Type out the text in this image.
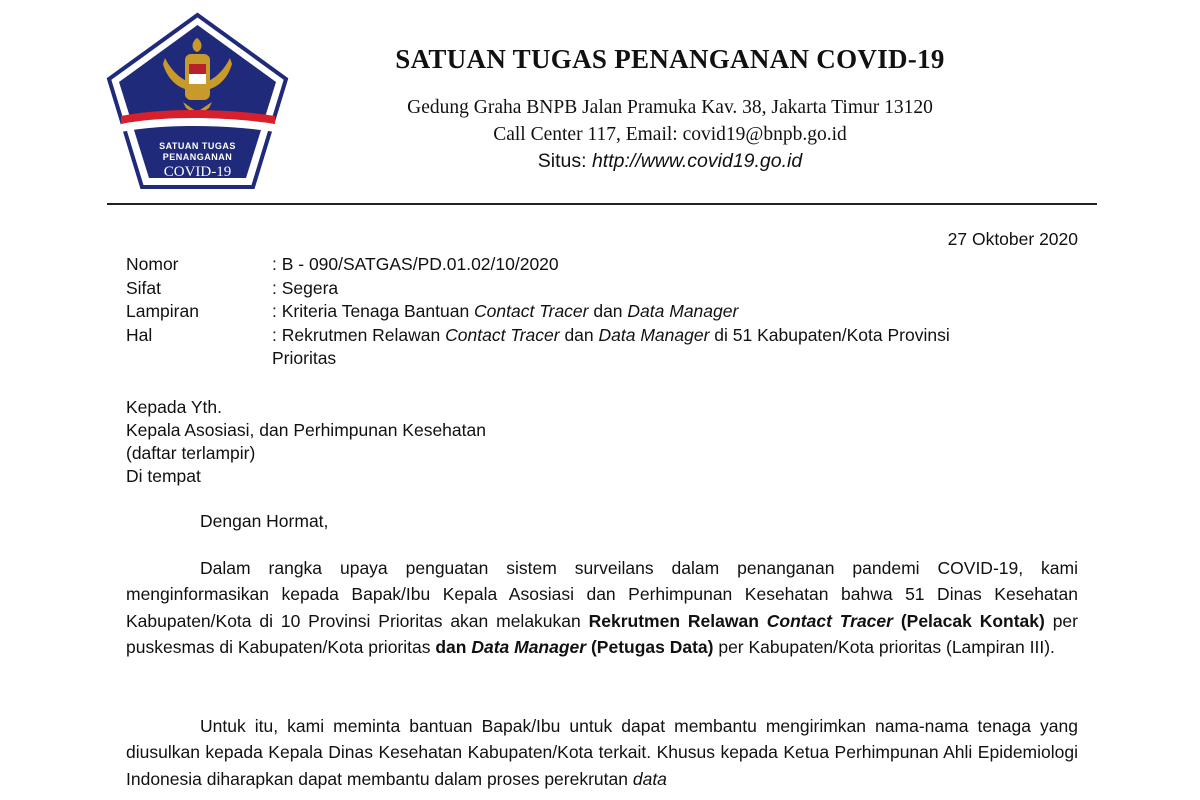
SATUAN TUGAS
PENANGANAN
COVID-19
SATUAN TUGAS PENANGANAN COVID-19
Gedung Graha BNPB Jalan Pramuka Kav. 38, Jakarta Timur 13120
Call Center 117, Email: covid19@bnpb.go.id
Situs: http://www.covid19.go.id
27 Oktober 2020
Nomor	: B - 090/SATGAS/PD.01.02/10/2020
Sifat	: Segera
Lampiran	: Kriteria Tenaga Bantuan Contact Tracer dan Data Manager
Hal	: Rekrutmen Relawan Contact Tracer dan Data Manager di 51 Kabupaten/Kota Provinsi
Prioritas
Kepada Yth.
Kepala Asosiasi, dan Perhimpunan Kesehatan
(daftar terlampir)
Di tempat
Dengan Hormat,

Dalam rangka upaya penguatan sistem surveilans dalam penanganan pandemi COVID-19, kami menginformasikan kepada Bapak/Ibu Kepala Asosiasi dan Perhimpunan Kesehatan bahwa 51 Dinas Kesehatan Kabupaten/Kota di 10 Provinsi Prioritas akan melakukan Rekrutmen Relawan Contact Tracer (Pelacak Kontak) per puskesmas di Kabupaten/Kota prioritas dan Data Manager (Petugas Data) per Kabupaten/Kota prioritas (Lampiran III).

Untuk itu, kami meminta bantuan Bapak/Ibu untuk dapat membantu mengirimkan nama-nama tenaga yang diusulkan kepada Kepala Dinas Kesehatan Kabupaten/Kota terkait. Khusus kepada Ketua Perhimpunan Ahli Epidemiologi Indonesia diharapkan dapat membantu dalam proses perekrutan data
